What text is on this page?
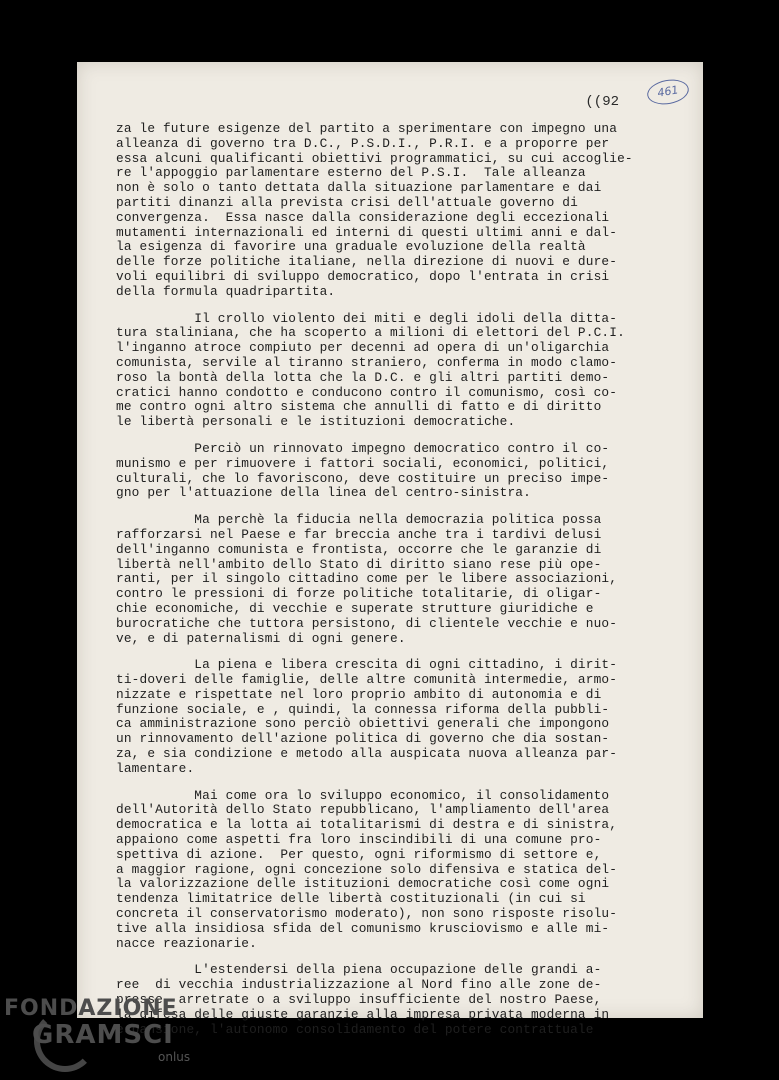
461
((92
za le future esigenze del partito a sperimentare con impegno una
alleanza di governo tra D.C., P.S.D.I., P.R.I. e a proporre per
essa alcuni qualificanti obiettivi programmatici, su cui accoglie-
re l'appoggio parlamentare esterno del P.S.I.  Tale alleanza
non è solo o tanto dettata dalla situazione parlamentare e dai
partiti dinanzi alla prevista crisi dell'attuale governo di
convergenza.  Essa nasce dalla considerazione degli eccezionali
mutamenti internazionali ed interni di questi ultimi anni e dal-
la esigenza di favorire una graduale evoluzione della realtà
delle forze politiche italiane, nella direzione di nuovi e dure-
voli equilibri di sviluppo democratico, dopo l'entrata in crisi
della formula quadripartita.
Il crollo violento dei miti e degli idoli della ditta-
tura staliniana, che ha scoperto a milioni di elettori del P.C.I.
l'inganno atroce compiuto per decenni ad opera di un'oligarchia
comunista, servile al tiranno straniero, conferma in modo clamo-
roso la bontà della lotta che la D.C. e gli altri partiti demo-
cratici hanno condotto e conducono contro il comunismo, così co-
me contro ogni altro sistema che annulli di fatto e di diritto
le libertà personali e le istituzioni democratiche.
Perciò un rinnovato impegno democratico contro il co-
munismo e per rimuovere i fattori sociali, economici, politici,
culturali, che lo favoriscono, deve costituire un preciso impe-
gno per l'attuazione della linea del centro-sinistra.
Ma perchè la fiducia nella democrazia politica possa
rafforzarsi nel Paese e far breccia anche tra i tardivi delusi
dell'inganno comunista e frontista, occorre che le garanzie di
libertà nell'ambito dello Stato di diritto siano rese più ope-
ranti, per il singolo cittadino come per le libere associazioni,
contro le pressioni di forze politiche totalitarie, di oligar-
chie economiche, di vecchie e superate strutture giuridiche e
burocratiche che tuttora persistono, di clientele vecchie e nuo-
ve, e di paternalismi di ogni genere.
La piena e libera crescita di ogni cittadino, i dirit-
ti-doveri delle famiglie, delle altre comunità intermedie, armo-
nizzate e rispettate nel loro proprio ambito di autonomia e di
funzione sociale, e , quindi, la connessa riforma della pubbli-
ca amministrazione sono perciò obiettivi generali che impongono
un rinnovamento dell'azione politica di governo che dia sostan-
za, e sia condizione e metodo alla auspicata nuova alleanza par-
lamentare.
Mai come ora lo sviluppo economico, il consolidamento
dell'Autorità dello Stato repubblicano, l'ampliamento dell'area
democratica e la lotta ai totalitarismi di destra e di sinistra,
appaiono come aspetti fra loro inscindibili di una comune pro-
spettiva di azione.  Per questo, ogni riformismo di settore e,
a maggior ragione, ogni concezione solo difensiva e statica del-
la valorizzazione delle istituzioni democratiche così come ogni
tendenza limitatrice delle libertà costituzionali (in cui si
concreta il conservatorismo moderato), non sono risposte risolu-
tive alla insidiosa sfida del comunismo krusciovismo e alle mi-
nacce reazionarie.
L'estendersi della piena occupazione delle grandi a-
ree  di vecchia industrializzazione al Nord fino alle zone de-
presse, arretrate o a sviluppo insufficiente del nostro Paese,
la difesa delle giuste garanzie alla impresa privata moderna in
espansione, l'autonomo consolidamento del potere contrattuale
FONDAZIONE
GRAMSCI
onlus
